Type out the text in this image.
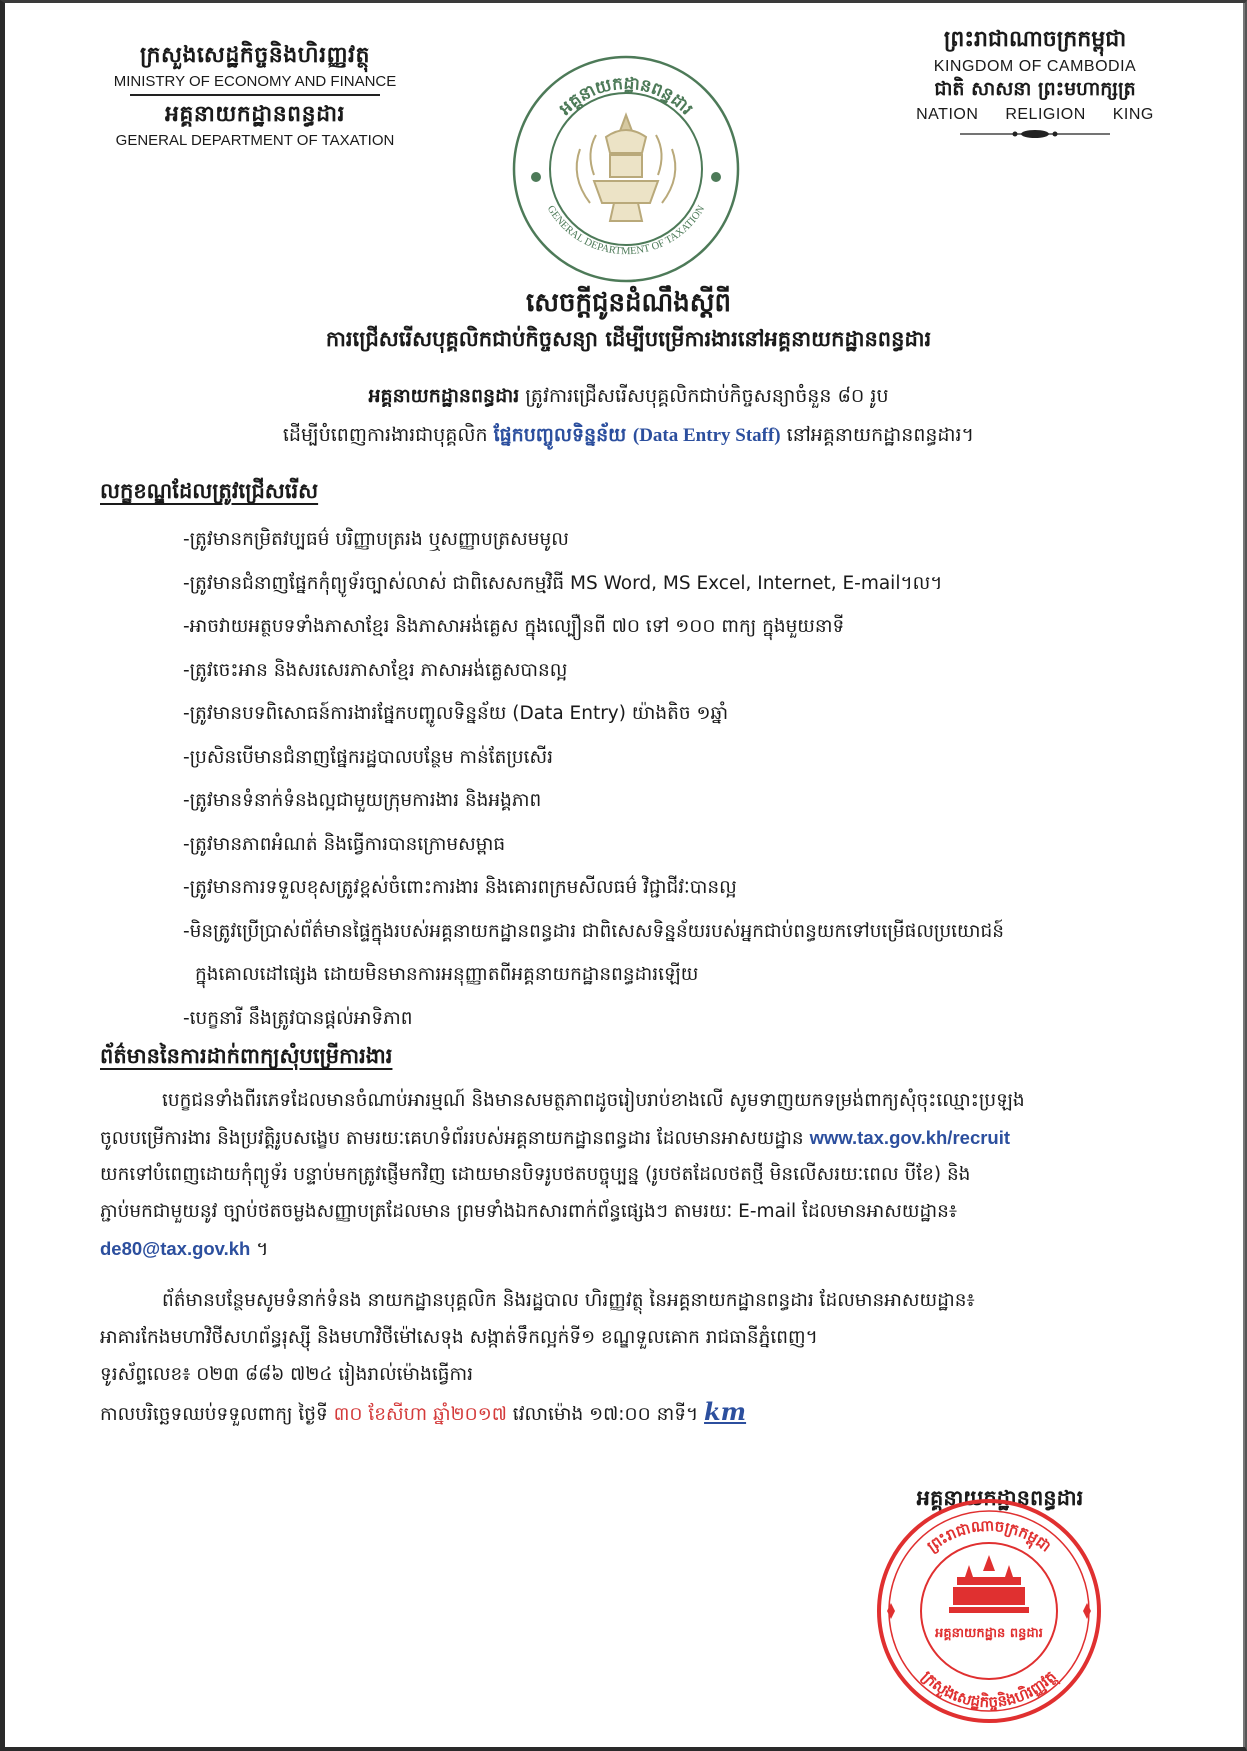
ក្រសួងសេដ្ឋកិច្ចនិងហិរញ្ញវត្ថុ
MINISTRY OF ECONOMY AND FINANCE
អគ្គនាយកដ្ឋានពន្ធដារ
GENERAL DEPARTMENT OF TAXATION
អគ្គនាយកដ្ឋានពន្ធដារ
GENERAL DEPARTMENT OF TAXATION
ព្រះរាជាណាចក្រកម្ពុជា
KINGDOM OF CAMBODIA
ជាតិ សាសនា ព្រះមហាក្សត្រ
NATION RELIGION KING
សេចក្តីជូនដំណឹងស្តីពី
ការជ្រើសរើសបុគ្គលិកជាប់កិច្ចសន្យា ដើម្បីបម្រើការងារនៅអគ្គនាយកដ្ឋានពន្ធដារ
អគ្គនាយកដ្ឋានពន្ធដារ ត្រូវការជ្រើសរើសបុគ្គលិកជាប់កិច្ចសន្យាចំនួន ៨០ រូប
ដើម្បីបំពេញការងារជាបុគ្គលិក ផ្នែកបញ្ចូលទិន្នន័យ (Data Entry Staff) នៅអគ្គនាយកដ្ឋានពន្ធដារ។
លក្ខខណ្ឌដែលត្រូវជ្រើសរើស
-ត្រូវមានកម្រិតវប្បធម៌ បរិញ្ញាបត្ររង ឬសញ្ញាបត្រសមមូល
-ត្រូវមានជំនាញផ្នែកកុំព្យូទ័រច្បាស់លាស់ ជាពិសេសកម្មវិធី MS Word, MS Excel, Internet, E-mail។ល។
-អាចវាយអត្ថបទទាំងភាសាខ្មែរ និងភាសាអង់គ្លេស ក្នុងល្បឿនពី ៧០ ទៅ ១០០ ពាក្យ ក្នុងមួយនាទី
-ត្រូវចេះអាន និងសរសេរភាសាខ្មែរ ភាសាអង់គ្លេសបានល្អ
-ត្រូវមានបទពិសោធន៍ការងារផ្នែកបញ្ចូលទិន្នន័យ (Data Entry) យ៉ាងតិច ១ឆ្នាំ
-ប្រសិនបើមានជំនាញផ្នែករដ្ឋបាលបន្ថែម កាន់តែប្រសើរ
-ត្រូវមានទំនាក់ទំនងល្អជាមួយក្រុមការងារ និងអង្គភាព
-ត្រូវមានភាពអំណត់ និងធ្វើការបានក្រោមសម្ពាធ
-ត្រូវមានការទទួលខុសត្រូវខ្ពស់ចំពោះការងារ និងគោរពក្រមសីលធម៌ វិជ្ជាជីវៈបានល្អ
-មិនត្រូវប្រើប្រាស់ព័ត៌មានផ្ទៃក្នុងរបស់អគ្គនាយកដ្ឋានពន្ធដារ ជាពិសេសទិន្នន័យរបស់អ្នកជាប់ពន្ធយកទៅបម្រើផលប្រយោជន៍
ក្នុងគោលដៅផ្សេង ដោយមិនមានការអនុញ្ញាតពីអគ្គនាយកដ្ឋានពន្ធដារឡើយ
-បេក្ខនារី នឹងត្រូវបានផ្តល់អាទិភាព
ព័ត៌មាននៃការដាក់ពាក្យសុំបម្រើការងារ
បេក្ខជនទាំងពីរភេទដែលមានចំណាប់អារម្មណ៍ និងមានសមត្ថភាពដូចរៀបរាប់ខាងលើ សូមទាញយកទម្រង់ពាក្យសុំចុះឈ្មោះប្រឡង
ចូលបម្រើការងារ និងប្រវត្តិរូបសង្ខេប តាមរយៈគេហទំព័ររបស់អគ្គនាយកដ្ឋានពន្ធដារ ដែលមានអាសយដ្ឋាន www.tax.gov.kh/recruit
យកទៅបំពេញដោយកុំព្យូទ័រ បន្ទាប់មកត្រូវផ្ញើមកវិញ ដោយមានបិទរូបថតបច្ចុប្បន្ន (រូបថតដែលថតថ្មី មិនលើសរយៈពេល បីខែ) និង
ភ្ជាប់មកជាមួយនូវ ច្បាប់ថតចម្លងសញ្ញាបត្រដែលមាន ព្រមទាំងឯកសារពាក់ព័ន្ធផ្សេងៗ តាមរយៈ E-mail ដែលមានអាសយដ្ឋាន៖
de80@tax.gov.kh ។
ព័ត៌មានបន្ថែមសូមទំនាក់ទំនង នាយកដ្ឋានបុគ្គលិក និងរដ្ឋបាល ហិរញ្ញវត្ថុ នៃអគ្គនាយកដ្ឋានពន្ធដារ ដែលមានអាសយដ្ឋាន៖
អាគារកែងមហាវិថីសហព័ន្ធរុស្ស៊ី និងមហាវិថីម៉ៅសេទុង សង្កាត់ទឹកល្អក់ទី១ ខណ្ឌទួលគោក រាជធានីភ្នំពេញ។
ទូរស័ព្ទលេខ៖ ០២៣ ៨៨៦ ៧២៤ រៀងរាល់ម៉ោងធ្វើការ
កាលបរិច្ឆេទឈប់ទទួលពាក្យ ថ្ងៃទី ៣០ ខែសីហា ឆ្នាំ២០១៧ វេលាម៉ោង ១៧:០០ នាទី។ km
អគ្គនាយកដ្ឋានពន្ធដារ
ព្រះរាជាណាចក្រកម្ពុជា
ក្រសួងសេដ្ឋកិច្ចនិងហិរញ្ញវត្ថុ
អគ្គនាយកដ្ឋាន ពន្ធដារ
